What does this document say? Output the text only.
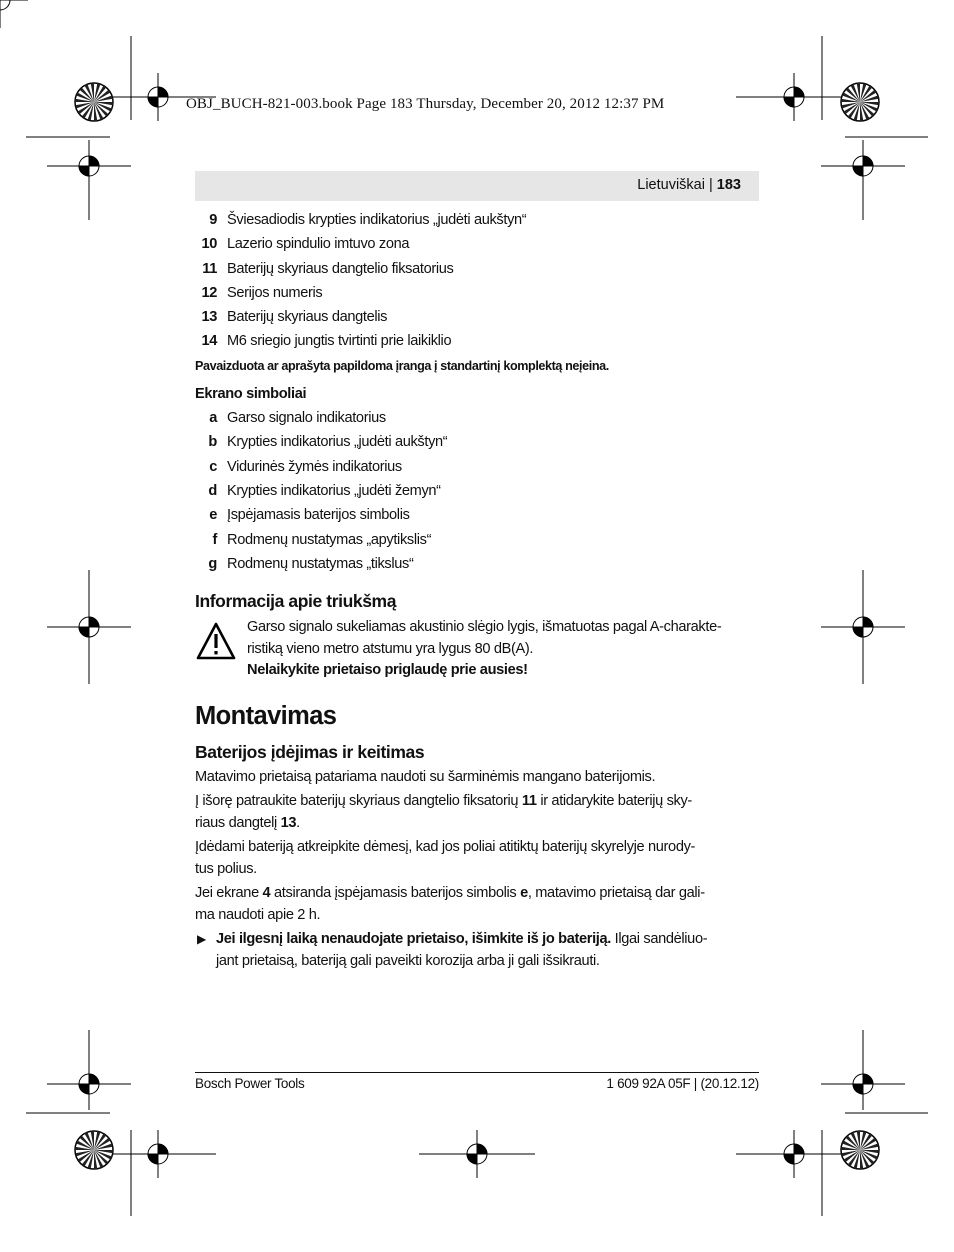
OBJ_BUCH-821-003.book Page 183 Thursday, December 20, 2012 12:37 PM
Lietuviškai | 183
9 Šviesadiodis krypties indikatorius „judėti aukštyn“
10 Lazerio spindulio imtuvo zona
11 Baterijų skyriaus dangtelio fiksatorius
12 Serijos numeris
13 Baterijų skyriaus dangtelis
14 M6 sriegio jungtis tvirtinti prie laikiklio
Pavaizduota ar aprašyta papildoma įranga į standartinį komplektą neįeina.
Ekrano simboliai
a Garso signalo indikatorius
b Krypties indikatorius „judėti aukštyn“
c Vidurinės žymės indikatorius
d Krypties indikatorius „judėti žemyn“
e Įspėjamasis baterijos simbolis
f Rodmenų nustatymas „apytikslis“
g Rodmenų nustatymas „tikslus“
Informacija apie triukšmą
Garso signalo sukeliamas akustinio slėgio lygis, išmatuotas pagal A-charakte-
ristiką vieno metro atstumu yra lygus 80 dB(A).
Nelaikykite prietaiso priglaudę prie ausies!
Montavimas
Baterijos įdėjimas ir keitimas
Matavimo prietaisą patariama naudoti su šarminėmis mangano baterijomis.
Į išorę patraukite baterijų skyriaus dangtelio fiksatorių 11 ir atidarykite baterijų sky-
riaus dangtelį 13.
Įdėdami bateriją atkreipkite dėmesį, kad jos poliai atitiktų baterijų skyrelyje nurody-
tus polius.
Jei ekrane 4 atsiranda įspėjamasis baterijos simbolis e, matavimo prietaisą dar gali-
ma naudoti apie 2 h.
▶ Jei ilgesnį laiką nenaudojate prietaiso, išimkite iš jo bateriją. Ilgai sandėliuo-
jant prietaisą, bateriją gali paveikti korozija arba ji gali išsikrauti.
Bosch Power Tools	1 609 92A 05F | (20.12.12)
